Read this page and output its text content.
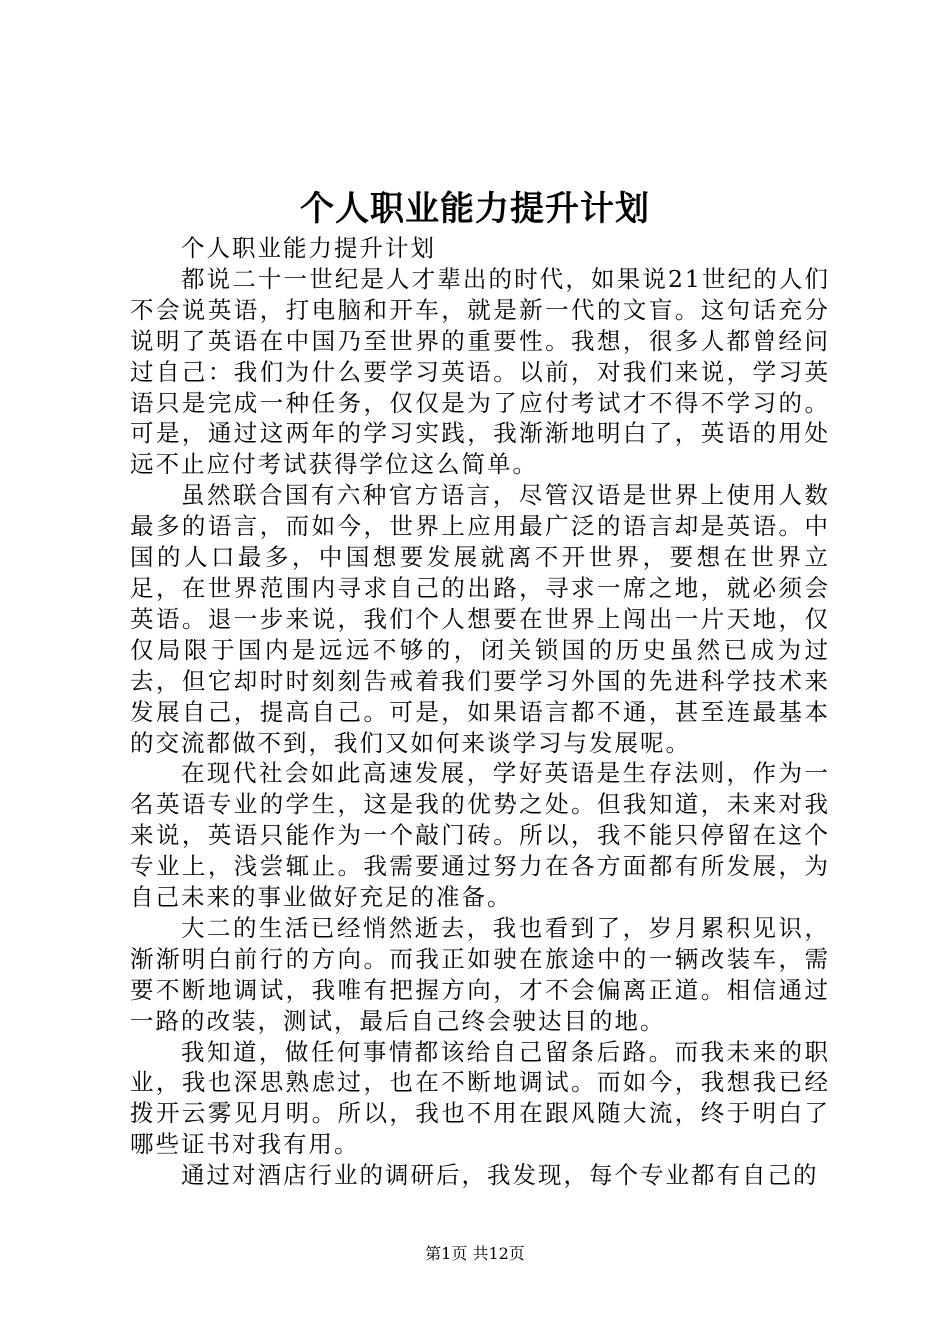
个人职业能力提升计划

个人职业能力提升计划

都说二十一世纪是人才辈出的时代，如果说21世纪的人们不会说英语，打电脑和开车，就是新一代的文盲。这句话充分说明了英语在中国乃至世界的重要性。我想，很多人都曾经问过自己：我们为什么要学习英语。以前，对我们来说，学习英语只是完成一种任务，仅仅是为了应付考试才不得不学习的。可是，通过这两年的学习实践，我渐渐地明白了，英语的用处远不止应付考试获得学位这么简单。

虽然联合国有六种官方语言，尽管汉语是世界上使用人数最多的语言，而如今，世界上应用最广泛的语言却是英语。中国的人口最多，中国想要发展就离不开世界，要想在世界立足，在世界范围内寻求自己的出路，寻求一席之地，就必须会英语。退一步来说，我们个人想要在世界上闯出一片天地，仅仅局限于国内是远远不够的，闭关锁国的历史虽然已成为过去，但它却时时刻刻告戒着我们要学习外国的先进科学技术来发展自己，提高自己。可是，如果语言都不通，甚至连最基本的交流都做不到，我们又如何来谈学习与发展呢。

在现代社会如此高速发展，学好英语是生存法则，作为一名英语专业的学生，这是我的优势之处。但我知道，未来对我来说，英语只能作为一个敲门砖。所以，我不能只停留在这个专业上，浅尝辄止。我需要通过努力在各方面都有所发展，为自己未来的事业做好充足的准备。

大二的生活已经悄然逝去，我也看到了，岁月累积见识，渐渐明白前行的方向。而我正如驶在旅途中的一辆改装车，需要不断地调试，我唯有把握方向，才不会偏离正道。相信通过一路的改装，测试，最后自己终会驶达目的地。

我知道，做任何事情都该给自己留条后路。而我未来的职业，我也深思熟虑过，也在不断地调试。而如今，我想我已经拨开云雾见月明。所以，我也不用在跟风随大流，终于明白了哪些证书对我有用。

通过对酒店行业的调研后，我发现，每个专业都有自己的

第1页 共12页
